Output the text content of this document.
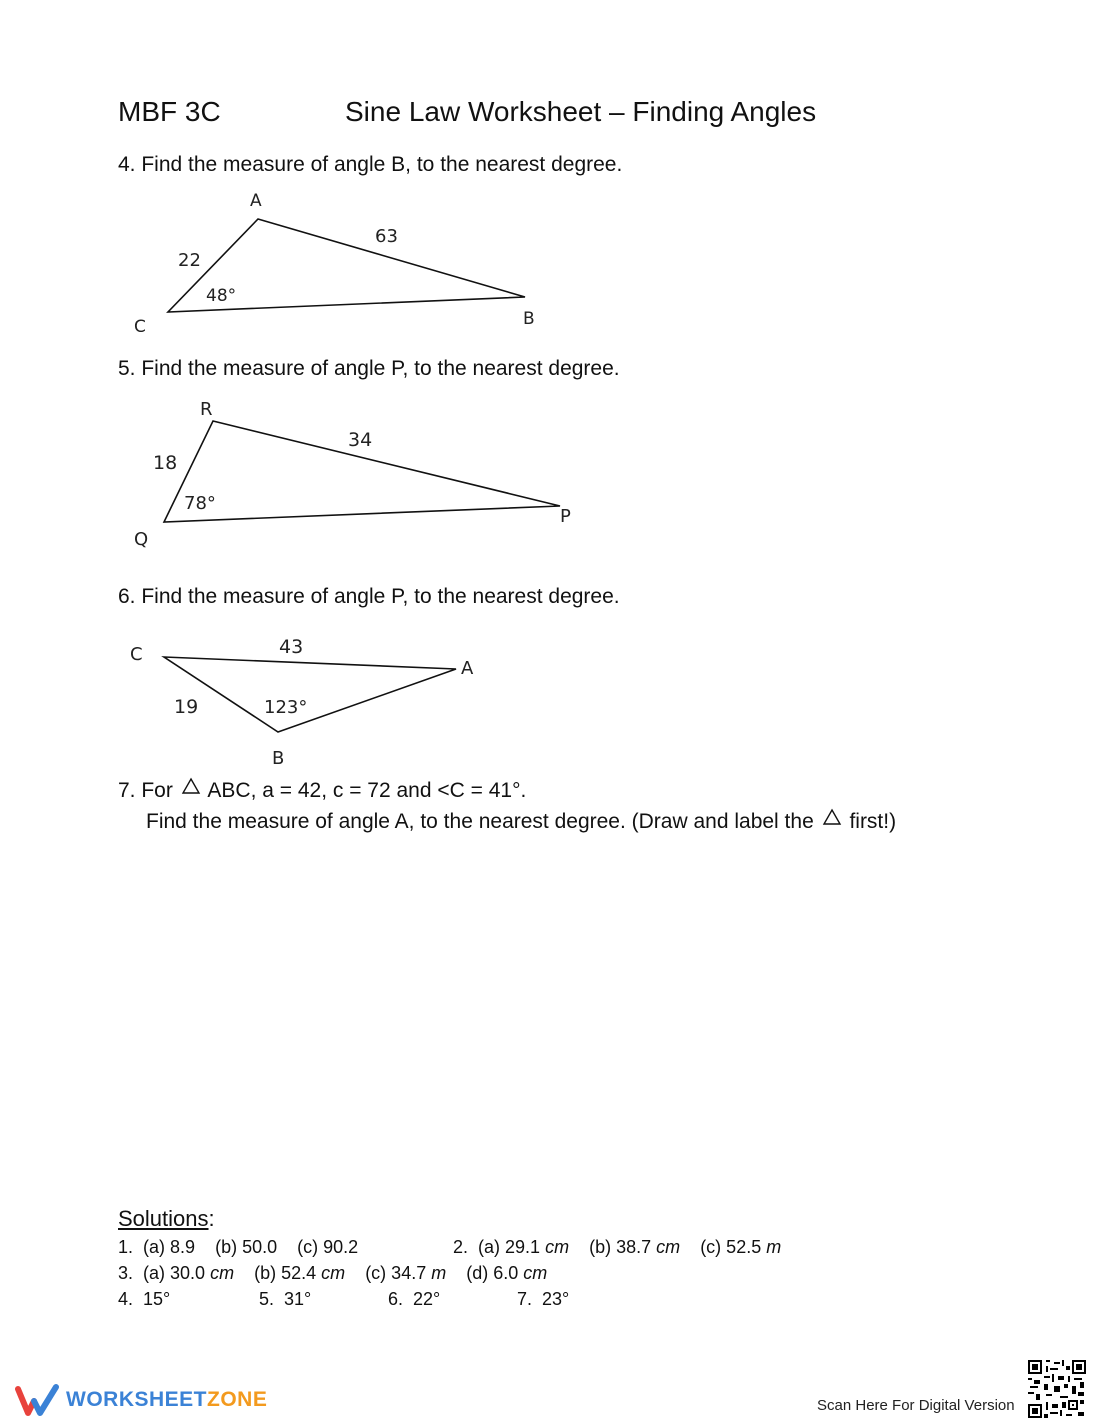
MBF 3C	Sine Law Worksheet – Finding Angles
4. Find the measure of angle B, to the nearest degree.
A
B
C
63
22
48°
5. Find the measure of angle P, to the nearest degree.
R
P
Q
34
18
78°
6. Find the measure of angle P, to the nearest degree.
C
A
B
43
19	123°
7. For ABC, a = 42, c = 72 and <C = 41°.
Find the measure of angle A, to the nearest degree. (Draw and label the first!)
Solutions:
1. (a) 8.9 (b) 50.0 (c) 90.2	2. (a) 29.1 cm (b) 38.7 cm (c) 52.5 m
3. (a) 30.0 cm (b) 52.4 cm (c) 34.7 m (d) 6.0 cm
4. 15°	5. 31°	6. 22°	7. 23°
WORKSHEETZONE	Scan Here For Digital Version
